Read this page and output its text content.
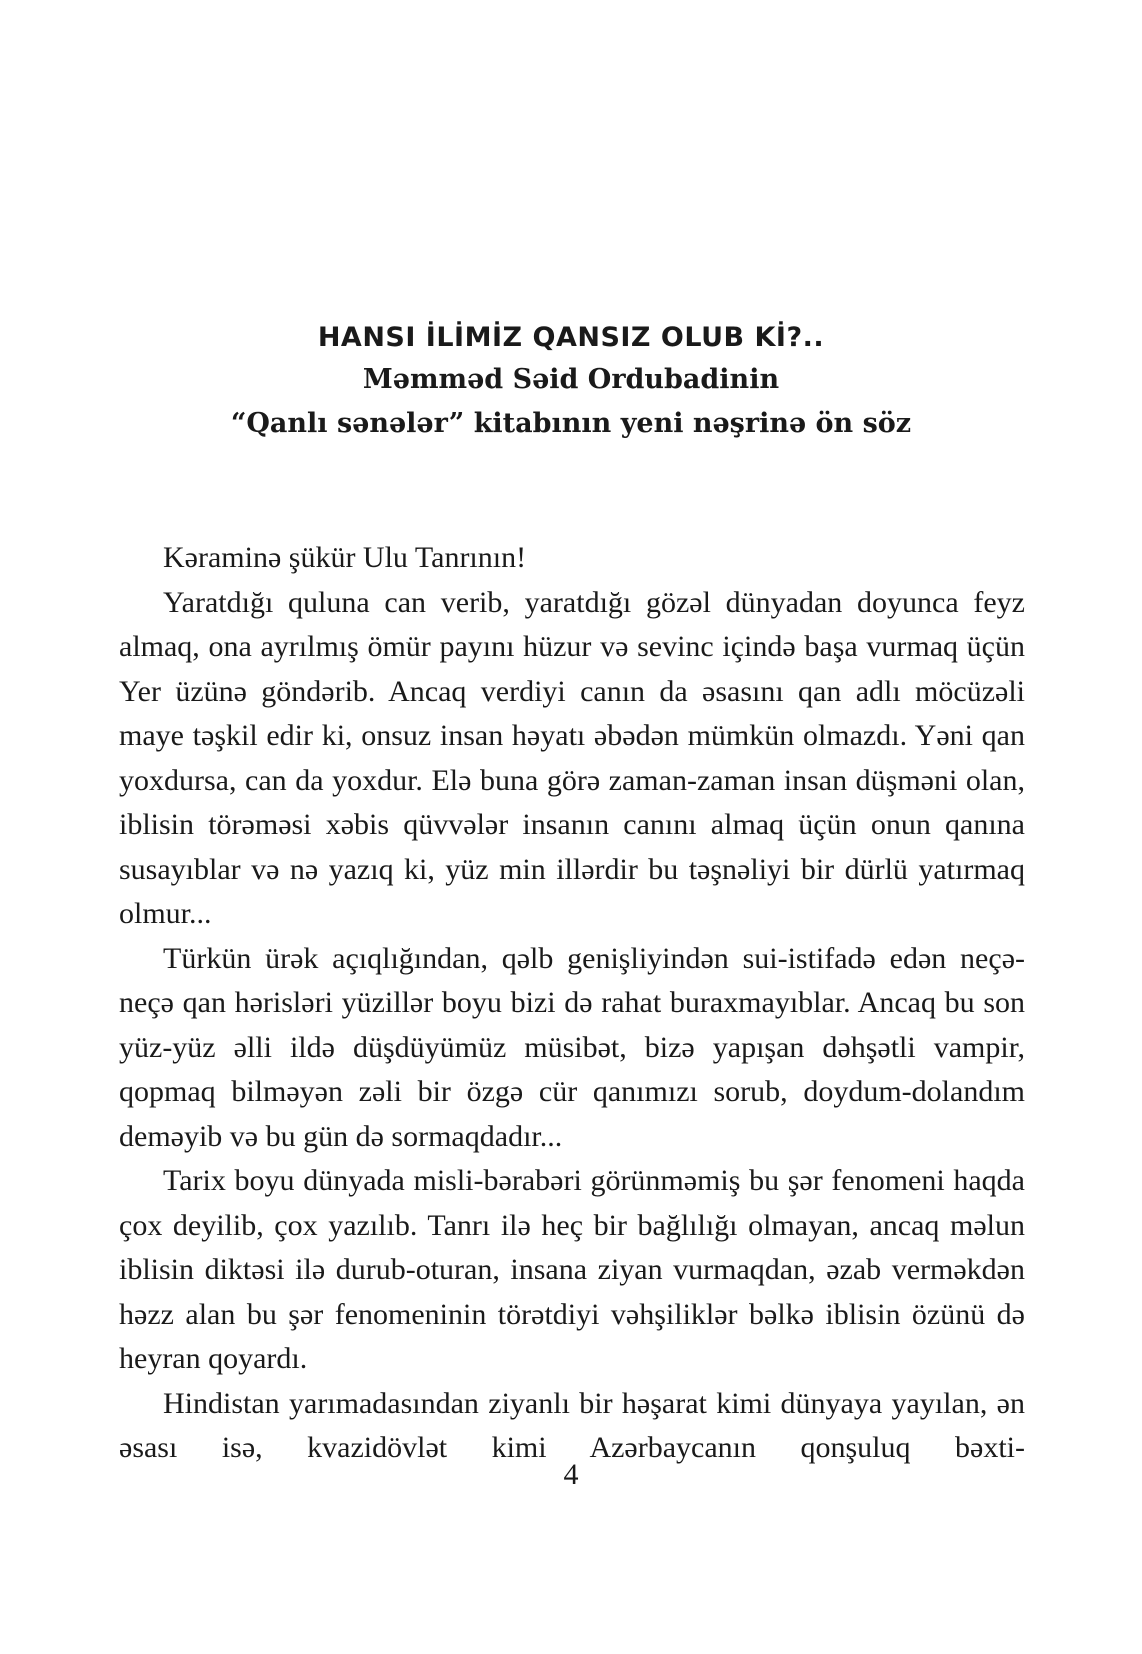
HANSI İLİMİZ QANSIZ OLUB Kİ?..
Məmməd Səid Ordubadinin
“Qanlı sənələr” kitabının yeni nəşrinə ön söz

Kəraminə şükür Ulu Tanrının!

Yaratdığı quluna can verib, yaratdığı gözəl dünyadan doyunca feyz almaq, ona ayrılmış ömür payını hüzur və sevinc içində başa vurmaq üçün Yer üzünə göndərib. Ancaq verdiyi canın da əsasını qan adlı möcüzəli maye təşkil edir ki, onsuz insan həyatı əbədən mümkün olmazdı. Yəni qan yoxdursa, can da yoxdur. Elə buna görə zaman-zaman insan düşməni olan, iblisin törəməsi xəbis qüvvələr insanın canını almaq üçün onun qanına susayıblar və nə yazıq ki, yüz min illərdir bu təşnəliyi bir dürlü yatırmaq olmur...

Türkün ürək açıqlığından, qəlb genişliyindən sui-istifadə edən neçə-neçə qan hərisləri yüzillər boyu bizi də rahat buraxmayıblar. Ancaq bu son yüz-yüz əlli ildə düşdüyümüz müsibət, bizə yapışan dəhşətli vampir, qopmaq bilməyən zəli bir özgə cür qanımızı sorub, doydum-dolandım deməyib və bu gün də sormaqdadır...

Tarix boyu dünyada misli-bərabəri görünməmiş bu şər fenomeni haqda çox deyilib, çox yazılıb. Tanrı ilə heç bir bağlılığı olmayan, ancaq məlun iblisin diktəsi ilə durub-oturan, insana ziyan vurmaqdan, əzab verməkdən həzz alan bu şər fenomeninin törətdiyi vəhşiliklər bəlkə iblisin özünü də heyran qoyardı.

Hindistan yarımadasından ziyanlı bir həşarat kimi dünyaya yayılan, ən əsası isə, kvazidövlət kimi Azərbaycanın qonşuluq bəxti-

4
